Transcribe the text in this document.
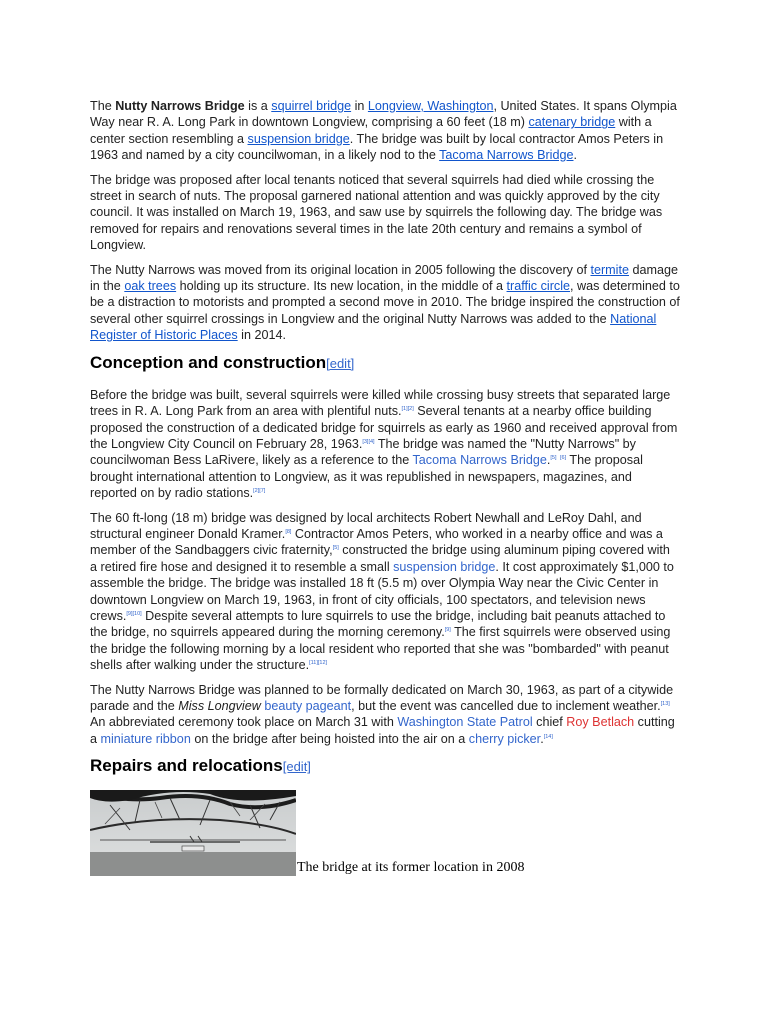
The Nutty Narrows Bridge is a squirrel bridge in Longview, Washington, United States. It spans Olympia Way near R. A. Long Park in downtown Longview, comprising a 60 feet (18 m) catenary bridge with a center section resembling a suspension bridge. The bridge was built by local contractor Amos Peters in 1963 and named by a city councilwoman, in a likely nod to the Tacoma Narrows Bridge.

The bridge was proposed after local tenants noticed that several squirrels had died while crossing the street in search of nuts. The proposal garnered national attention and was quickly approved by the city council. It was installed on March 19, 1963, and saw use by squirrels the following day. The bridge was removed for repairs and renovations several times in the late 20th century and remains a symbol of Longview.

The Nutty Narrows was moved from its original location in 2005 following the discovery of termite damage in the oak trees holding up its structure. Its new location, in the middle of a traffic circle, was determined to be a distraction to motorists and prompted a second move in 2010. The bridge inspired the construction of several other squirrel crossings in Longview and the original Nutty Narrows was added to the National Register of Historic Places in 2014.

Conception and construction[edit]

Before the bridge was built, several squirrels were killed while crossing busy streets that separated large trees in R. A. Long Park from an area with plentiful nuts.[1][2] Several tenants at a nearby office building proposed the construction of a dedicated bridge for squirrels as early as 1960 and received approval from the Longview City Council on February 28, 1963.[3][4] The bridge was named the "Nutty Narrows" by councilwoman Bess LaRivere, likely as a reference to the Tacoma Narrows Bridge.[5] [6] The proposal brought international attention to Longview, as it was republished in newspapers, magazines, and reported on by radio stations.[2][7]

The 60 ft-long (18 m) bridge was designed by local architects Robert Newhall and LeRoy Dahl, and structural engineer Donald Kramer.[8] Contractor Amos Peters, who worked in a nearby office and was a member of the Sandbaggers civic fraternity,[5] constructed the bridge using aluminum piping covered with a retired fire hose and designed it to resemble a small suspension bridge. It cost approximately $1,000 to assemble the bridge. The bridge was installed 18 ft (5.5 m) over Olympia Way near the Civic Center in downtown Longview on March 19, 1963, in front of city officials, 100 spectators, and television news crews.[9][10] Despite several attempts to lure squirrels to use the bridge, including bait peanuts attached to the bridge, no squirrels appeared during the morning ceremony.[9] The first squirrels were observed using the bridge the following morning by a local resident who reported that she was "bombarded" with peanut shells after walking under the structure.[11][12]

The Nutty Narrows Bridge was planned to be formally dedicated on March 30, 1963, as part of a citywide parade and the Miss Longview beauty pageant, but the event was cancelled due to inclement weather.[13] An abbreviated ceremony took place on March 31 with Washington State Patrol chief Roy Betlach cutting a miniature ribbon on the bridge after being hoisted into the air on a cherry picker.[14]

Repairs and relocations[edit]
The bridge at its former location in 2008
